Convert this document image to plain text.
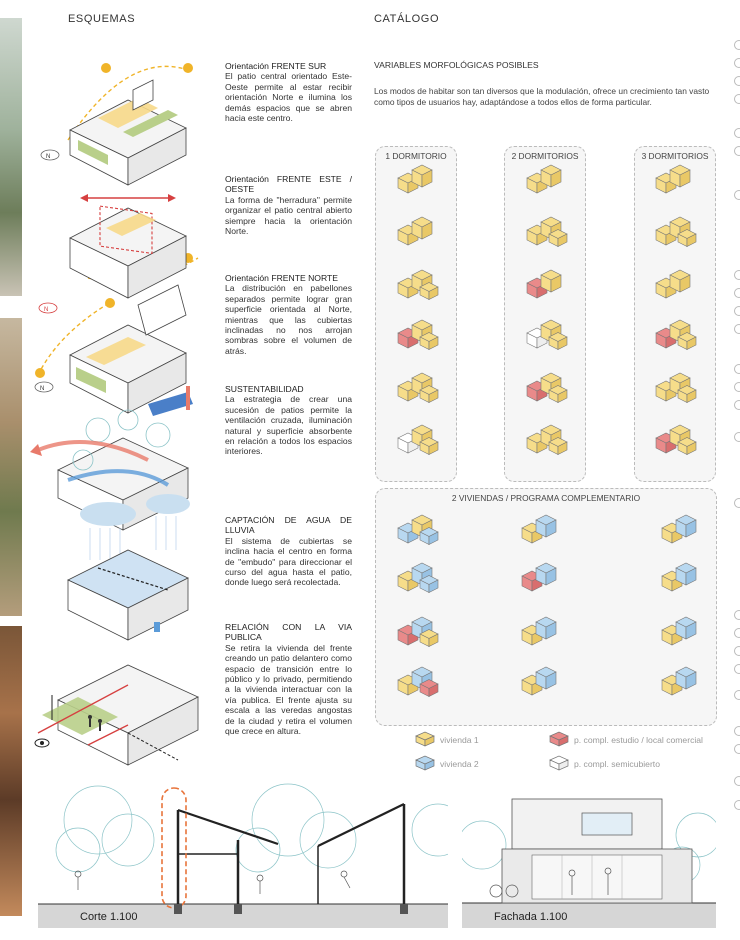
ESQUEMAS	CATÁLOGO
N
N
N
Orientación FRENTE SUR
El patio central orientado Este-Oeste permite al estar recibir orientación Norte e ilumina los demás espacios que se abren hacia este centro.
Orientación FRENTE ESTE / OESTE
La forma de "herradura" permite organizar el patio central abierto siempre hacia la orientación Norte.
Orientación FRENTE NORTE
La distribución en pabellones separados permite lograr gran superficie orientada al Norte, mientras que las cubiertas inclinadas no nos arrojan sombras sobre el volumen de atrás.
SUSTENTABILIDAD
La estrategia de crear una sucesión de patios permite la ventilación cruzada, iluminación natural y superficie absorbente en relación a todos los espacios interiores.
CAPTACIÓN DE AGUA DE LLUVIA
El sistema de cubiertas se inclina hacia el centro en forma de "embudo" para direccionar el curso del agua hasta el patio, donde luego será recolectada.
RELACIÓN CON LA VIA PUBLICA
Se retira la vivienda del frente creando un patio delantero como espacio de transición entre lo público y lo privado, permitiendo a la vivienda interactuar con la vía publica. El frente ajusta su escala a las veredas angostas de la ciudad y retira el volumen que crece en altura.
VARIABLES MORFOLÓGICAS POSIBLES
Los modos de habitar son tan diversos que la modulación, ofrece un crecimiento tan vasto como tipos de usuarios hay, adaptándose a todos ellos de forma particular.
1 DORMITORIO	2 DORMITORIOS	3 DORMITORIOS
2 VIVIENDAS / PROGRAMA COMPLEMENTARIO
vivienda 1
vivienda 2
p. compl. estudio / local comercial
p. compl. semicubierto
Corte 1.100	Fachada 1.100
